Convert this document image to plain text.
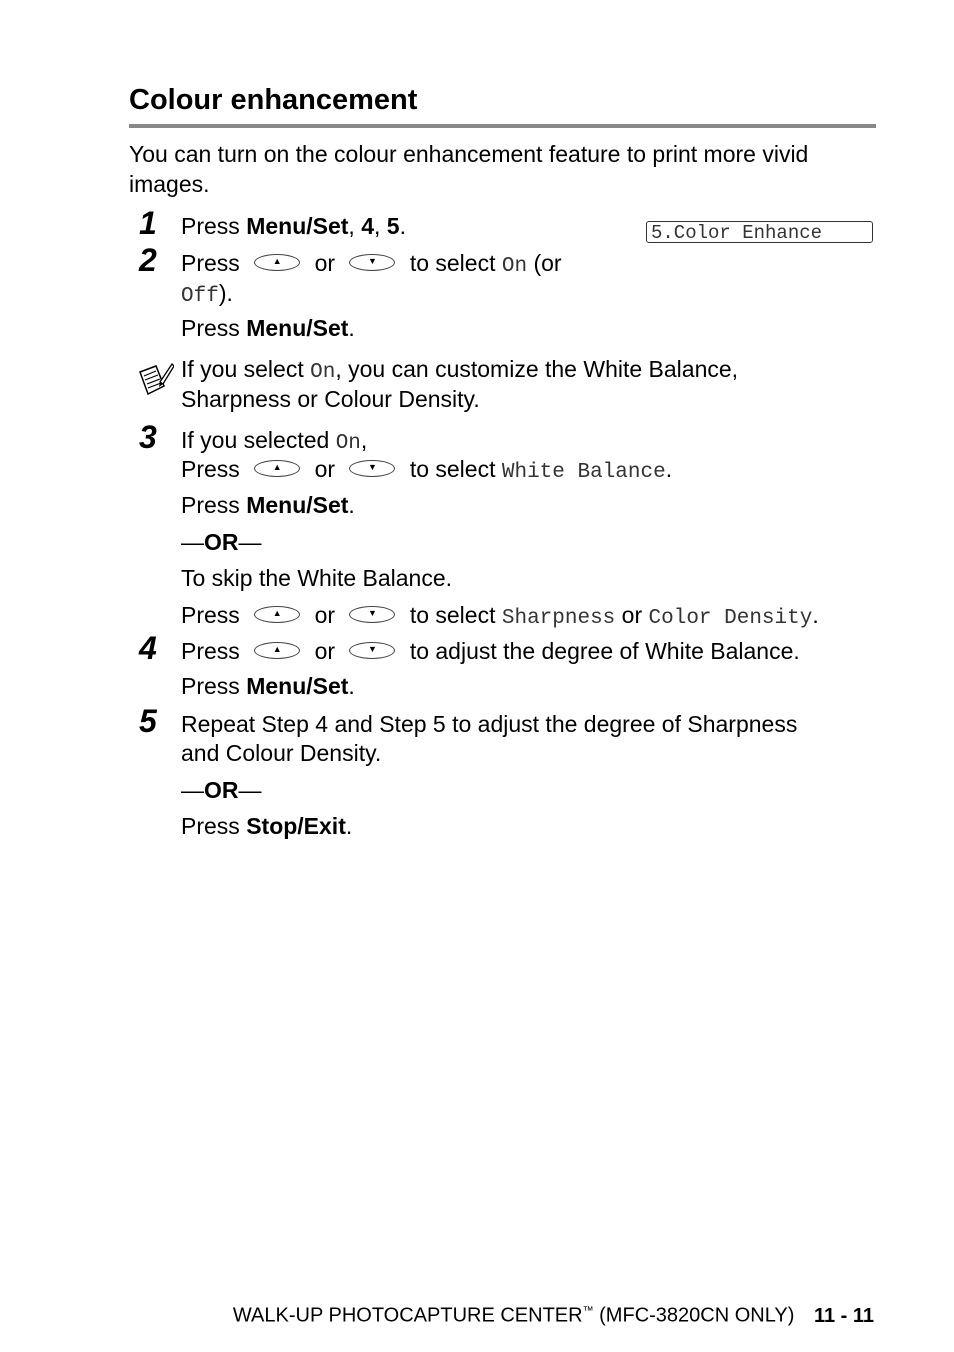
Colour enhancement
You can turn on the colour enhancement feature to print more vivid
images.
5.Color Enhance
1 Press Menu/Set, 4, 5.
2 Press	▲	or	▼	to select On (or
Off).
Press Menu/Set.
If you select On, you can customize the White Balance,
Sharpness or Colour Density.
3 If you selected On,
Press	▲	or	▼	to select White Balance.
Press Menu/Set.
—OR—
To skip the White Balance.
Press	▲	or	▼	to select Sharpness or Color Density.
4 Press	▲	or	▼	to adjust the degree of White Balance.
Press Menu/Set.
5 Repeat Step 4 and Step 5 to adjust the degree of Sharpness
and Colour Density.
—OR—
Press Stop/Exit.
WALK-UP PHOTOCAPTURE CENTER™ (MFC-3820CN ONLY) 11 - 11
